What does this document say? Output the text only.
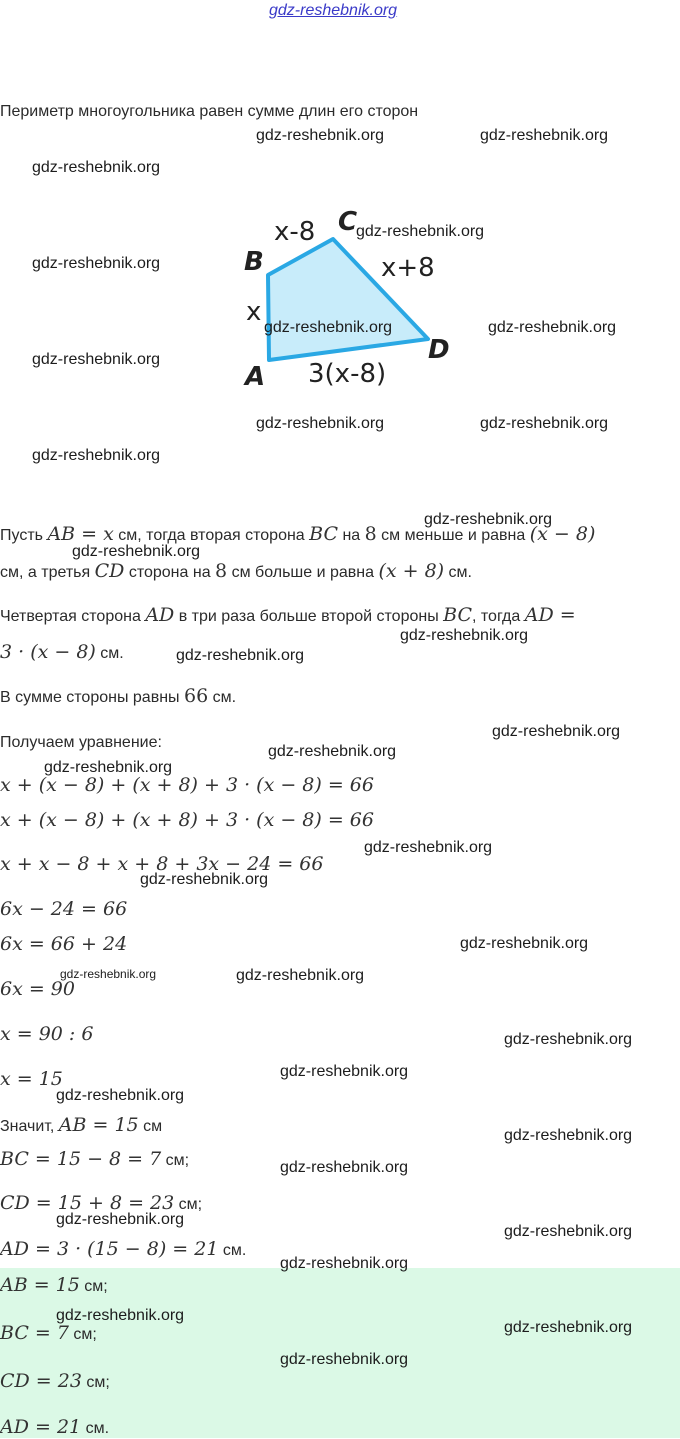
gdz-reshebnik.org
Периметр многоугольника равен сумме длин его сторон
x-8 C
B	x+8
x
D
A 3(x-8)
Пусть AB = x см, тогда вторая сторона BC на 8 см меньше и равна (x − 8)
см, а третья CD сторона на 8 см больше и равна (x + 8) см.
Четвертая сторона AD в три раза больше второй стороны BC, тогда AD =
3 · (x − 8) см.
В сумме стороны равны 66 см.
Получаем уравнение:
x + (x − 8) + (x + 8) + 3 · (x − 8) = 66
x + (x − 8) + (x + 8) + 3 · (x − 8) = 66
x + x − 8 + x + 8 + 3x − 24 = 66
6x − 24 = 66
6x = 66 + 24
6x = 90
x = 90 : 6
x = 15
Значит, AB = 15 см
BC = 15 − 8 = 7 см;
CD = 15 + 8 = 23 см;
AD = 3 · (15 − 8) = 21 см.
AB = 15 см;
BC = 7 см;
CD = 23 см;
AD = 21 см.
gdz-reshebnik.org	gdz-reshebnik.org
gdz-reshebnik.org
gdz-reshebnik.org
gdz-reshebnik.org
gdz-reshebnik.org	gdz-reshebnik.org
gdz-reshebnik.org
gdz-reshebnik.org	gdz-reshebnik.org
gdz-reshebnik.org
gdz-reshebnik.org
gdz-reshebnik.org
gdz-reshebnik.org
gdz-reshebnik.org
gdz-reshebnik.org
gdz-reshebnik.org
gdz-reshebnik.org
gdz-reshebnik.org
gdz-reshebnik.org
gdz-reshebnik.org
gdz-reshebnik.org	gdz-reshebnik.org
gdz-reshebnik.org
gdz-reshebnik.org
gdz-reshebnik.org
gdz-reshebnik.org
gdz-reshebnik.org
gdz-reshebnik.org
gdz-reshebnik.org
gdz-reshebnik.org
gdz-reshebnik.org
gdz-reshebnik.org
gdz-reshebnik.org
